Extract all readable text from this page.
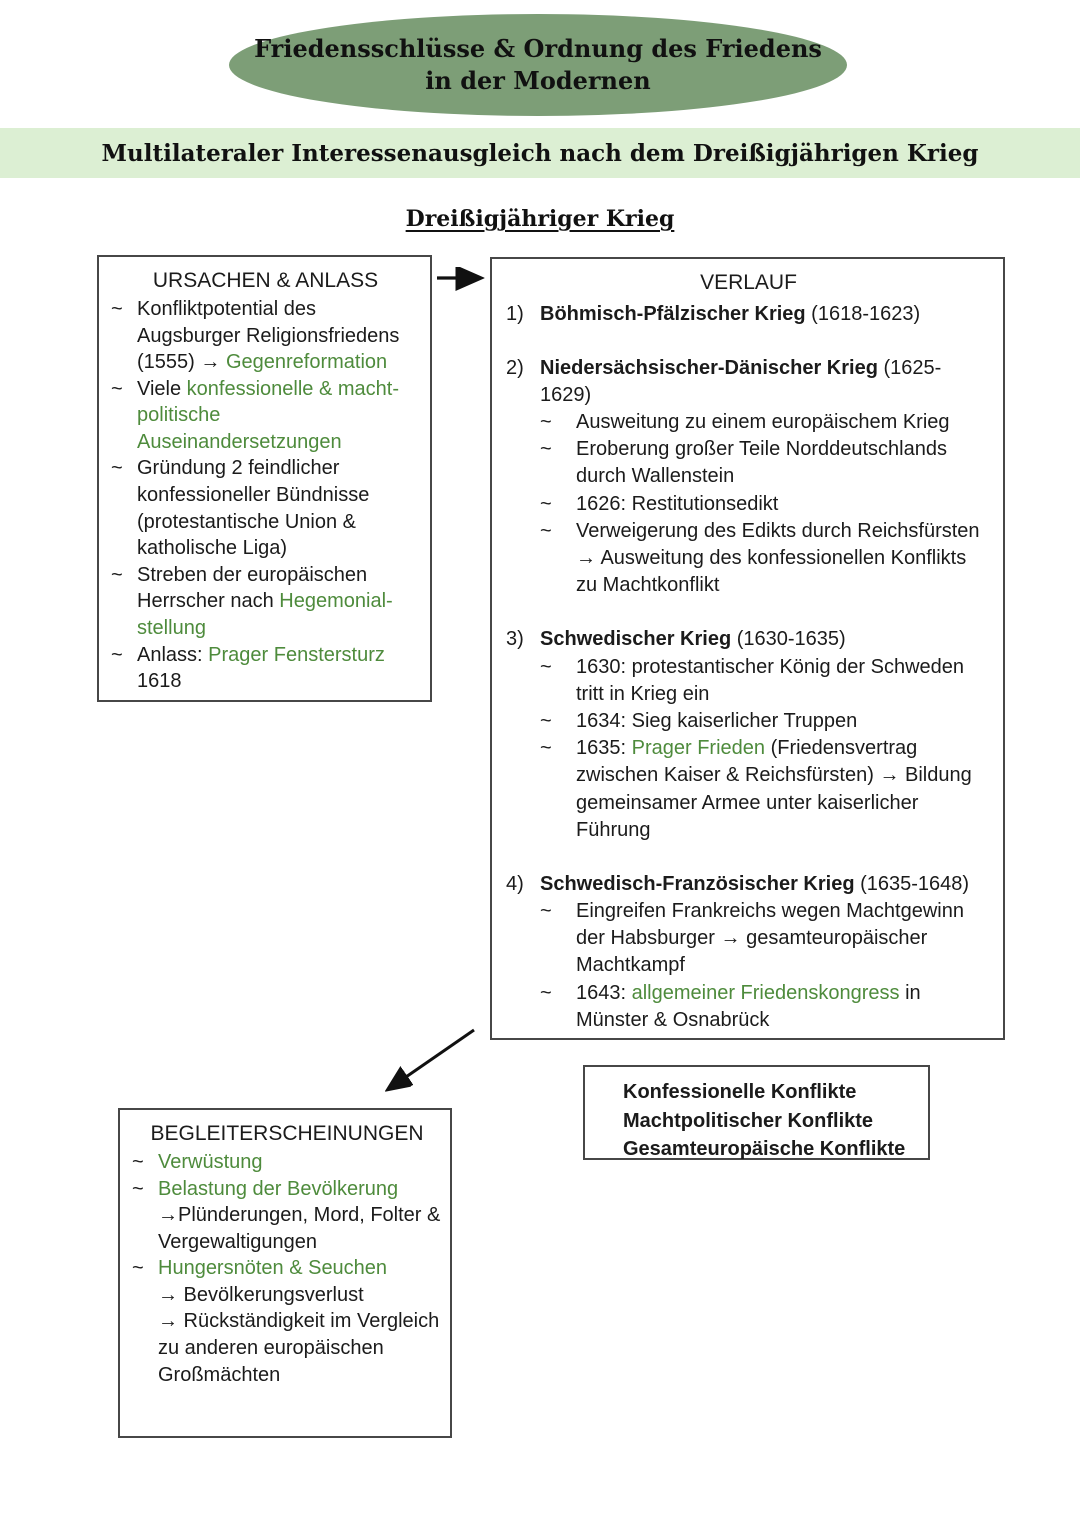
Friedensschlüsse & Ordnung des Friedens
in der Modernen
Multilateraler Interessenausgleich nach dem Dreißigjährigen Krieg
Dreißigjähriger Krieg
URSACHEN & ANLASS
~ Konfliktpotential des Augsburger Religionsfriedens (1555) → Gegenreformation
~ Viele konfessionelle & macht-politische Auseinandersetzungen
~ Gründung 2 feindlicher konfessioneller Bündnisse (protestantische Union & katholische Liga)
~ Streben der europäischen Herrscher nach Hegemonial-stellung
~ Anlass: Prager Fenstersturz 1618
VERLAUF
1) Böhmisch-Pfälzischer Krieg (1618-1623)
2) Niedersächsischer-Dänischer Krieg (1625-1629)
~	Ausweitung zu einem europäischem Krieg
~	Eroberung großer Teile Norddeutschlands durch Wallenstein
~	1626: Restitutionsedikt
~	Verweigerung des Edikts durch Reichsfürsten → Ausweitung des konfessionellen Konflikts zu Machtkonflikt
3) Schwedischer Krieg (1630-1635)
~	1630: protestantischer König der Schweden tritt in Krieg ein
~	1634: Sieg kaiserlicher Truppen
~	1635: Prager Frieden (Friedensvertrag zwischen Kaiser & Reichsfürsten) → Bildung gemeinsamer Armee unter kaiserlicher Führung
4) Schwedisch-Französischer Krieg (1635-1648)
~	Eingreifen Frankreichs wegen Machtgewinn der Habsburger → gesamteuropäischer Machtkampf
~	1643: allgemeiner Friedenskongress in Münster & Osnabrück
BEGLEITERSCHEINUNGEN
~ Verwüstung
~ Belastung der Bevölkerung
→Plünderungen, Mord, Folter & Vergewaltigungen
~ Hungersnöten & Seuchen
→ Bevölkerungsverlust
→ Rückständigkeit im Vergleich zu anderen europäischen Großmächten
Konfessionelle Konflikte
Machtpolitischer Konflikte
Gesamteuropäische Konflikte
